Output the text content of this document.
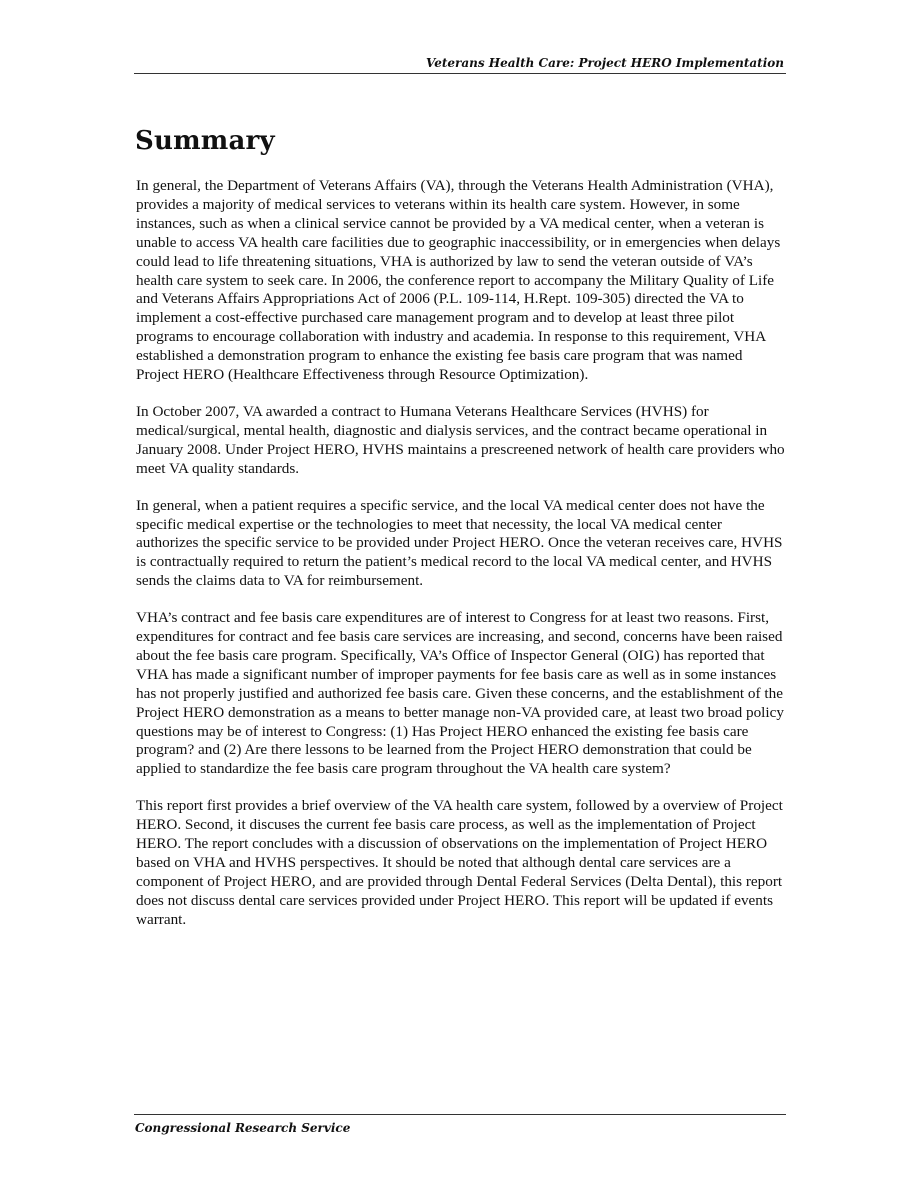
Veterans Health Care: Project HERO Implementation
Summary

In general, the Department of Veterans Affairs (VA), through the Veterans Health Administration (VHA), provides a majority of medical services to veterans within its health care system. However, in some instances, such as when a clinical service cannot be provided by a VA medical center, when a veteran is unable to access VA health care facilities due to geographic inaccessibility, or in emergencies when delays could lead to life threatening situations, VHA is authorized by law to send the veteran outside of VA’s health care system to seek care. In 2006, the conference report to accompany the Military Quality of Life and Veterans Affairs Appropriations Act of 2006 (P.L. 109-114, H.Rept. 109-305) directed the VA to implement a cost-effective purchased care management program and to develop at least three pilot programs to encourage collaboration with industry and academia. In response to this requirement, VHA established a demonstration program to enhance the existing fee basis care program that was named Project HERO (Healthcare Effectiveness through Resource Optimization).

In October 2007, VA awarded a contract to Humana Veterans Healthcare Services (HVHS) for medical/surgical, mental health, diagnostic and dialysis services, and the contract became operational in January 2008. Under Project HERO, HVHS maintains a prescreened network of health care providers who meet VA quality standards.

In general, when a patient requires a specific service, and the local VA medical center does not have the specific medical expertise or the technologies to meet that necessity, the local VA medical center authorizes the specific service to be provided under Project HERO. Once the veteran receives care, HVHS is contractually required to return the patient’s medical record to the local VA medical center, and HVHS sends the claims data to VA for reimbursement.

VHA’s contract and fee basis care expenditures are of interest to Congress for at least two reasons. First, expenditures for contract and fee basis care services are increasing, and second, concerns have been raised about the fee basis care program. Specifically, VA’s Office of Inspector General (OIG) has reported that VHA has made a significant number of improper payments for fee basis care as well as in some instances has not properly justified and authorized fee basis care. Given these concerns, and the establishment of the Project HERO demonstration as a means to better manage non-VA provided care, at least two broad policy questions may be of interest to Congress: (1) Has Project HERO enhanced the existing fee basis care program? and (2) Are there lessons to be learned from the Project HERO demonstration that could be applied to standardize the fee basis care program throughout the VA health care system?

This report first provides a brief overview of the VA health care system, followed by a overview of Project HERO. Second, it discuses the current fee basis care process, as well as the implementation of Project HERO. The report concludes with a discussion of observations on the implementation of Project HERO based on VHA and HVHS perspectives. It should be noted that although dental care services are a component of Project HERO, and are provided through Dental Federal Services (Delta Dental), this report does not discuss dental care services provided under Project HERO. This report will be updated if events warrant.

Congressional Research Service
